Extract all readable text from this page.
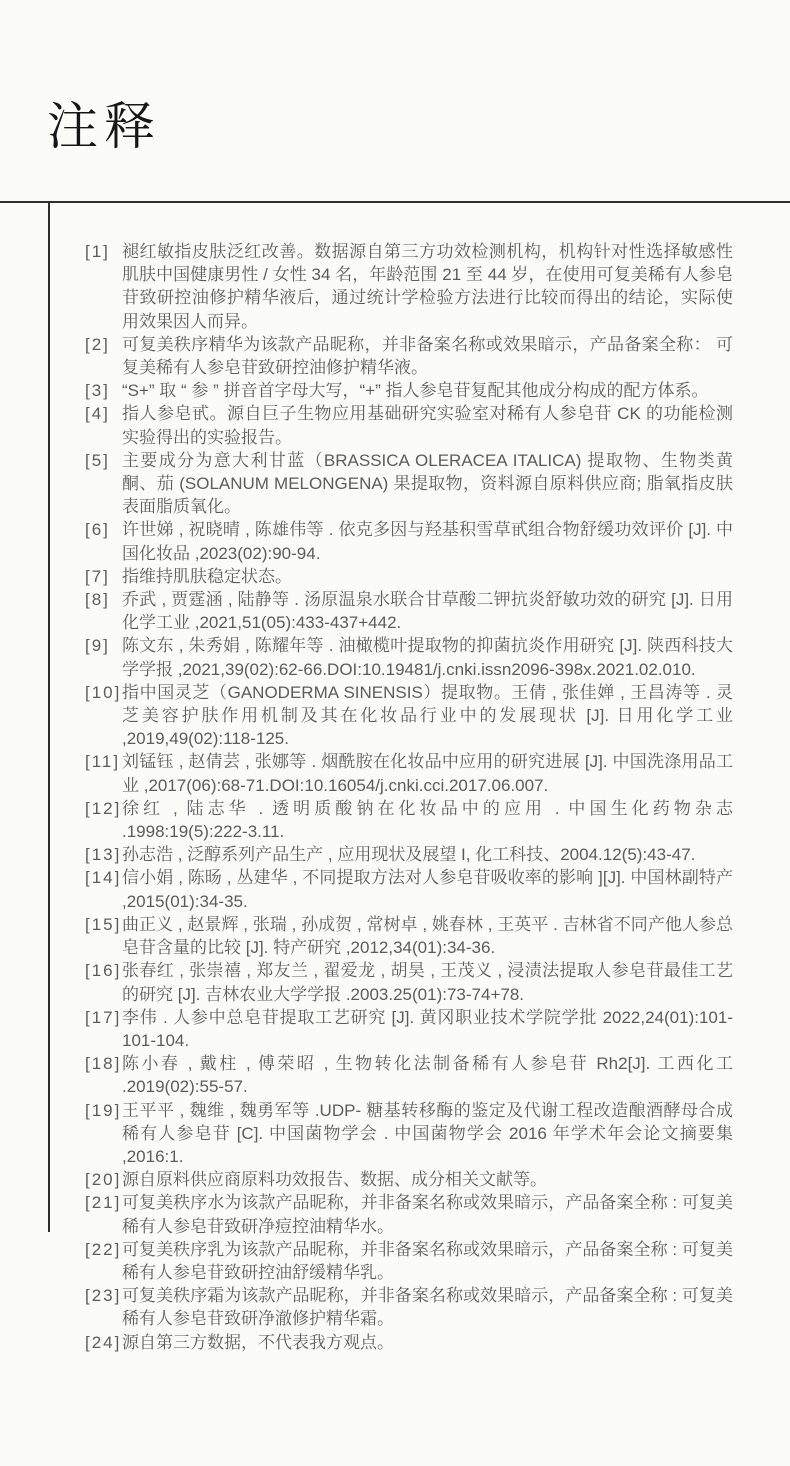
注释
[1] 褪红敏指皮肤泛红改善。数据源自第三方功效检测机构，机构针对性选择敏感性肌肤中国健康男性 / 女性 34 名，年龄范围 21 至 44 岁，在使用可复美稀有人参皂苷致研控油修护精华液后，通过统计学检验方法进行比较而得出的结论，实际使用效果因人而异。
[2] 可复美秩序精华为该款产品昵称，并非备案名称或效果暗示，产品备案全称： 可复美稀有人参皂苷致研控油修护精华液。
[3] “S+” 取 “ 参 ” 拼音首字母大写，“+” 指人参皂苷复配其他成分构成的配方体系。
[4] 指人参皂甙。源自巨子生物应用基础研究实验室对稀有人参皂苷 CK 的功能检测实验得出的实验报告。
[5] 主要成分为意大利甘蓝（BRASSICA OLERACEA ITALICA) 提取物、生物类黄酮、茄 (SOLANUM MELONGENA) 果提取物，资料源自原料供应商; 脂氧指皮肤表面脂质氧化。
[6] 许世娣 , 祝晓晴 , 陈雄伟等 . 依克多因与羟基积雪草甙组合物舒缓功效评价 [J]. 中国化妆品 ,2023(02):90-94.
[7] 指维持肌肤稳定状态。
[8] 乔武 , 贾霆涵 , 陆静等 . 汤原温泉水联合甘草酸二钾抗炎舒敏功效的研究 [J]. 日用化学工业 ,2021,51(05):433-437+442.
[9] 陈文东 , 朱秀娟 , 陈耀年等 . 油橄榄叶提取物的抑菌抗炎作用研究 [J]. 陕西科技大学学报 ,2021,39(02):62-66.DOI:10.19481/j.cnki.issn2096-398x.2021.02.010.
[10] 指中国灵芝（GANODERMA SINENSIS）提取物。王倩 , 张佳婵 , 王昌涛等 . 灵芝美容护肤作用机制及其在化妆品行业中的发展现状 [J]. 日用化学工业 ,2019,49(02):118-125.
[11] 刘锰钰 , 赵倩芸 , 张娜等 . 烟酰胺在化妆品中应用的研究进展 [J]. 中国洗涤用品工业 ,2017(06):68-71.DOI:10.16054/j.cnki.cci.2017.06.007.
[12] 徐红 , 陆志华 . 透明质酸钠在化妆品中的应用 . 中国生化药物杂志 .1998:19(5):222-3.11.
[13] 孙志浩 , 泛醇系列产品生产 , 应用现状及展望 I, 化工科技、2004.12(5):43-47.
[14] 信小娟 , 陈旸 , 丛建华 , 不同提取方法对人参皂苷吸收率的影响 ][J]. 中国林副特产 ,2015(01):34-35.
[15] 曲正义 , 赵景辉 , 张瑞 , 孙成贺 , 常树卓 , 姚春林 , 王英平 . 吉林省不同产他人参总皂苷含量的比较 [J]. 特产研究 ,2012,34(01):34-36.
[16] 张春红 , 张崇禧 , 郑友兰 , 翟爱龙 , 胡昊 , 王茂义 , 浸渍法提取人参皂苷最佳工艺的研究 [J]. 吉林农业大学学报 .2003.25(01):73-74+78.
[17] 李伟 . 人参中总皂苷提取工艺研究 [J]. 黄冈职业技术学院学批 2022,24(01):101-101-104.
[18] 陈小春 , 戴柱 , 傅荣昭 , 生物转化法制备稀有人参皂苷 Rh2[J]. 工西化工 .2019(02):55-57.
[19] 王平平 , 魏维 , 魏勇军等 .UDP- 糖基转移酶的鉴定及代谢工程改造酿酒酵母合成稀有人参皂苷 [C]. 中国菌物学会 . 中国菌物学会 2016 年学术年会论文摘要集 ,2016:1.
[20] 源自原料供应商原料功效报告、数据、成分相关文献等。
[21] 可复美秩序水为该款产品昵称，并非备案名称或效果暗示，产品备案全称 : 可复美稀有人参皂苷致研净痘控油精华水。
[22] 可复美秩序乳为该款产品昵称，并非备案名称或效果暗示，产品备案全称 : 可复美稀有人参皂苷致研控油舒缓精华乳。
[23] 可复美秩序霜为该款产品昵称，并非备案名称或效果暗示，产品备案全称 : 可复美稀有人参皂苷致研净澈修护精华霜。
[24] 源自第三方数据，不代表我方观点。
